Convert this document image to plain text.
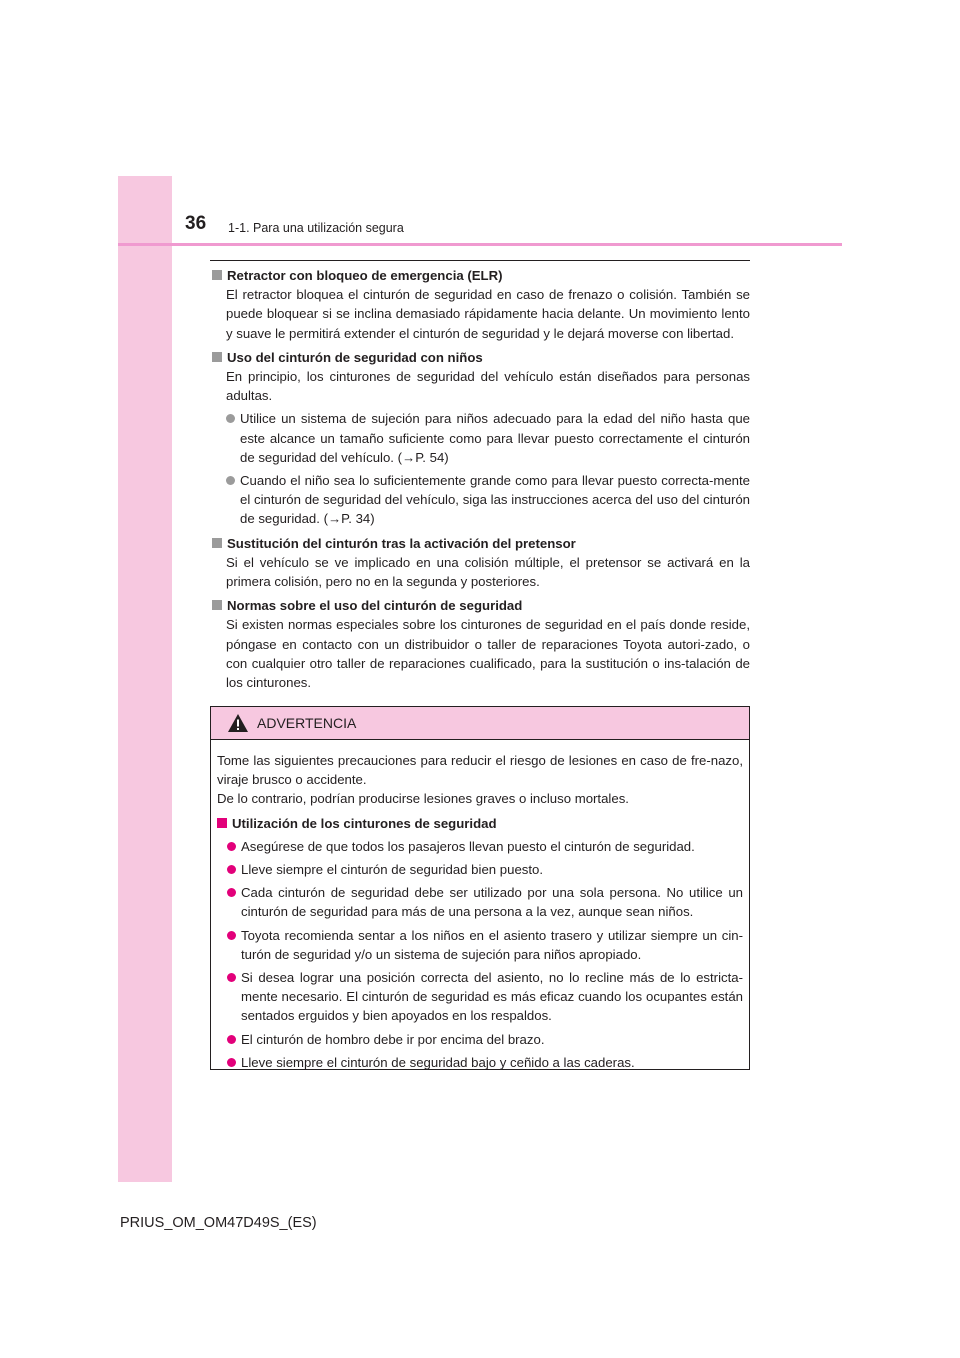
36 1-1. Para una utilización segura
Retractor con bloqueo de emergencia (ELR)
El retractor bloquea el cinturón de seguridad en caso de frenazo o colisión. También se puede bloquear si se inclina demasiado rápidamente hacia delante. Un movimiento lento y suave le permitirá extender el cinturón de seguridad y le dejará moverse con libertad.
Uso del cinturón de seguridad con niños
En principio, los cinturones de seguridad del vehículo están diseñados para personas adultas.
Utilice un sistema de sujeción para niños adecuado para la edad del niño hasta que este alcance un tamaño suficiente como para llevar puesto correctamente el cinturón de seguridad del vehículo. (→P. 54)
Cuando el niño sea lo suficientemente grande como para llevar puesto correcta-mente el cinturón de seguridad del vehículo, siga las instrucciones acerca del uso del cinturón de seguridad. (→P. 34)
Sustitución del cinturón tras la activación del pretensor
Si el vehículo se ve implicado en una colisión múltiple, el pretensor se activará en la primera colisión, pero no en la segunda y posteriores.
Normas sobre el uso del cinturón de seguridad
Si existen normas especiales sobre los cinturones de seguridad en el país donde reside, póngase en contacto con un distribuidor o taller de reparaciones Toyota autori-zado, o con cualquier otro taller de reparaciones cualificado, para la sustitución o ins-talación de los cinturones.
ADVERTENCIA
Tome las siguientes precauciones para reducir el riesgo de lesiones en caso de fre-nazo, viraje brusco o accidente.
De lo contrario, podrían producirse lesiones graves o incluso mortales.
Utilización de los cinturones de seguridad
Asegúrese de que todos los pasajeros llevan puesto el cinturón de seguridad.
Lleve siempre el cinturón de seguridad bien puesto.
Cada cinturón de seguridad debe ser utilizado por una sola persona. No utilice un cinturón de seguridad para más de una persona a la vez, aunque sean niños.
Toyota recomienda sentar a los niños en el asiento trasero y utilizar siempre un cin-turón de seguridad y/o un sistema de sujeción para niños apropiado.
Si desea lograr una posición correcta del asiento, no lo recline más de lo estricta-mente necesario. El cinturón de seguridad es más eficaz cuando los ocupantes están sentados erguidos y bien apoyados en los respaldos.
El cinturón de hombro debe ir por encima del brazo.
Lleve siempre el cinturón de seguridad bajo y ceñido a las caderas.
PRIUS_OM_OM47D49S_(ES)
